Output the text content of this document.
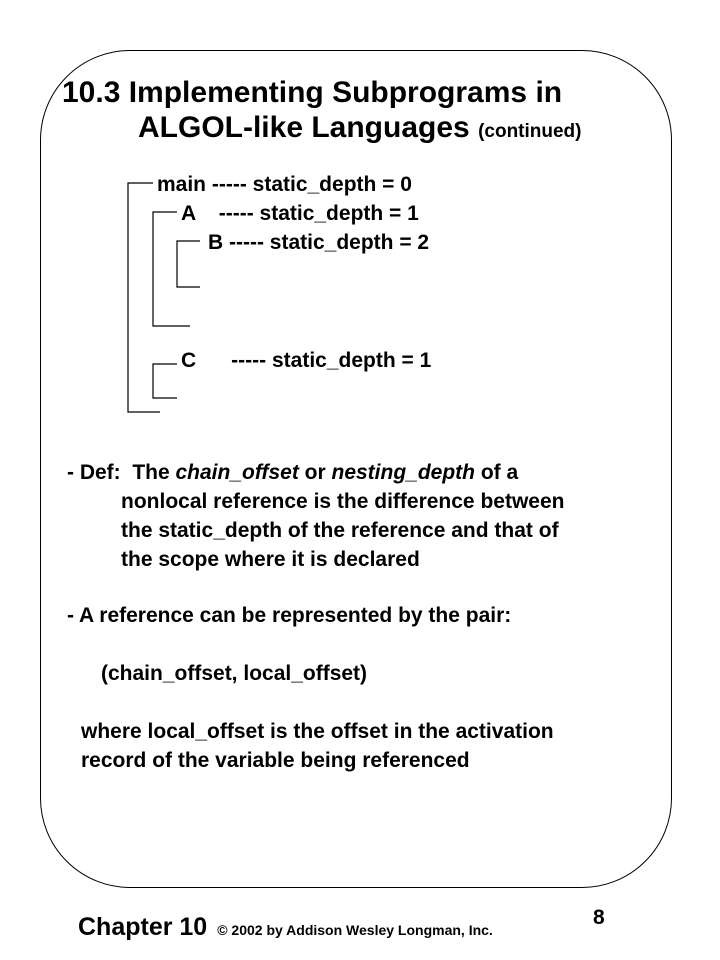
10.3 Implementing Subprograms in
ALGOL-like Languages (continued)
main ----- static_depth = 0
A    ----- static_depth = 1
B ----- static_depth = 2
C      ----- static_depth = 1
- Def:  The chain_offset or nesting_depth of a
nonlocal reference is the difference between
the static_depth of the reference and that of
the scope where it is declared
- A reference can be represented by the pair:
(chain_offset, local_offset)
where local_offset is the offset in the activation
record of the variable being referenced
Chapter 10 © 2002 by Addison Wesley Longman, Inc.
8
